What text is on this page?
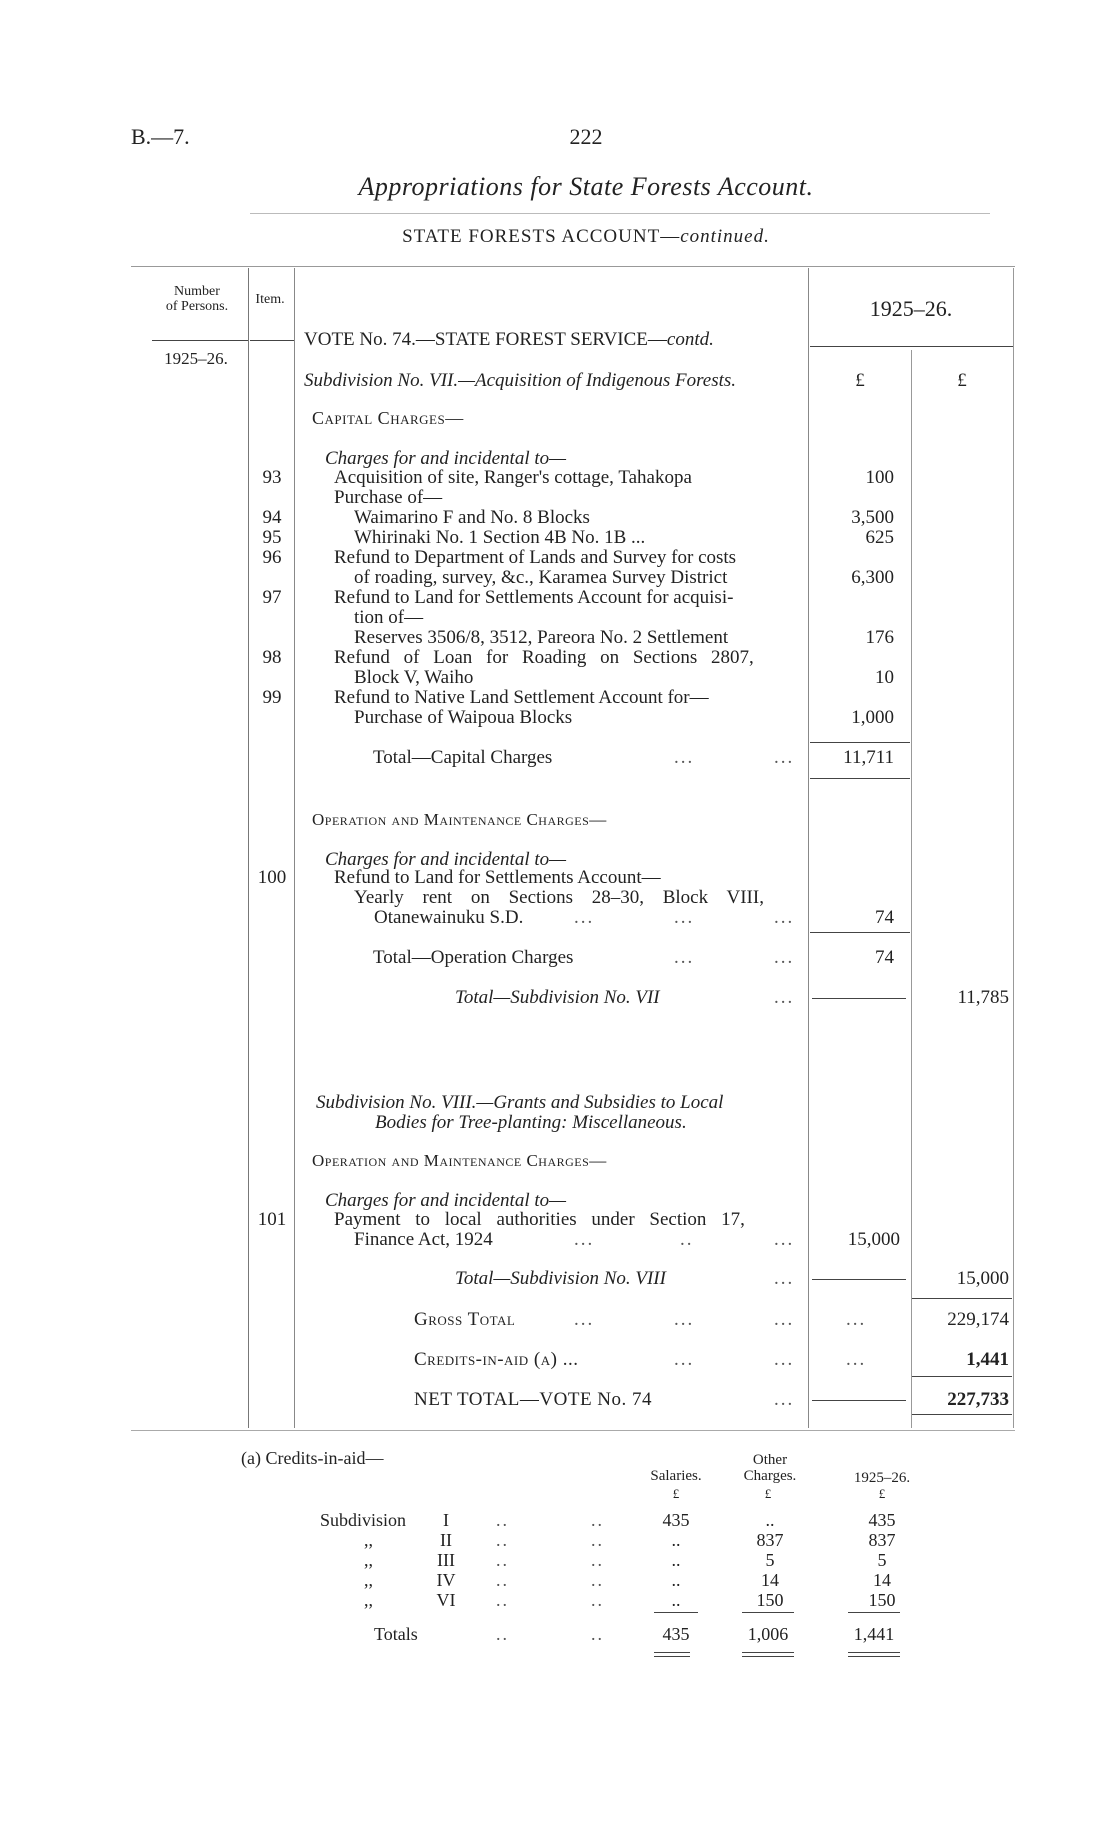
B.—7.	222
Appropriations for State Forests Account.
STATE FORESTS ACCOUNT—continued.
Number
of Persons. Item.	1925–26.
1925–26.
VOTE No. 74.—STATE FOREST SERVICE—contd.
£	£
Subdivision No. VII.—Acquisition of Indigenous Forests.
Capital Charges—
Charges for and incidental to—
93	Acquisition of site, Ranger's cottage, Tahakopa	100
Purchase of—
94	Waimarino F and No. 8 Blocks	3,500
95	Whirinaki No. 1 Section 4B No. 1B ...	625
96	Refund to Department of Lands and Survey for costs
of roading, survey, &c., Karamea Survey District	6,300
97	Refund to Land for Settlements Account for acquisi-
tion of—
Reserves 3506/8, 3512, Pareora No. 2 Settlement	176
98	Refund of Loan for Roading on Sections 2807,
Block V, Waiho	10
99	Refund to Native Land Settlement Account for—
Purchase of Waipoua Blocks	1,000
Total—Capital Charges	...	...	11,711
Operation and Maintenance Charges—
Charges for and incidental to—
100	Refund to Land for Settlements Account—
Yearly rent on Sections 28–30, Block VIII,
Otanewainuku S.D.	...	...	...	74
Total—Operation Charges	...	...	74
Total—Subdivision No. VII	...	11,785
Subdivision No. VIII.—Grants and Subsidies to Local
Bodies for Tree-planting: Miscellaneous.
Operation and Maintenance Charges—
Charges for and incidental to—
101	Payment to local authorities under Section 17,
Finance Act, 1924	...	..	...	15,000
Total—Subdivision No. VIII	...	15,000
Gross Total	...	...	...	...	229,174
Credits-in-aid (a) ...	...	...	...	1,441
NET TOTAL—VOTE No. 74	...	227,733
(a) Credits-in-aid—
Salaries.
Other
Charges.	1925–26.
£	£	£
Subdivision I	..	..	435	..	435
,,	II ..	..	..	837	837
,,	III ..	..	..	5	5
,,	IV ..	..	..	14	14
,,	VI ..	..	..	150	150
Totals	..	..	435	1,006	1,441
